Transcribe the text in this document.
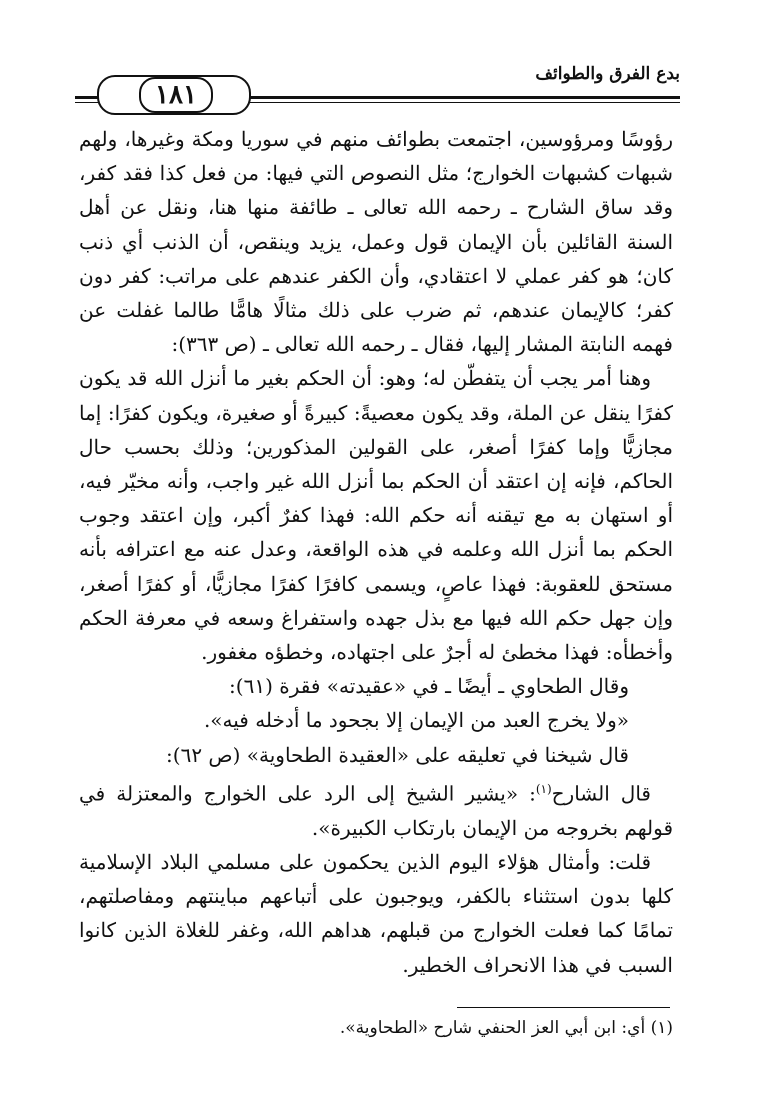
بدع الفرق والطوائف
١٨١

رؤوسًا ومرؤوسين، اجتمعت بطوائف منهم في سوريا ومكة وغيرها، ولهم شبهات كشبهات الخوارج؛ مثل النصوص التي فيها: من فعل كذا فقد كفر، وقد ساق الشارح ـ رحمه الله تعالى ـ طائفة منها هنا، ونقل عن أهل السنة القائلين بأن الإيمان قول وعمل، يزيد وينقص، أن الذنب أي ذنب كان؛ هو كفر عملي لا اعتقادي، وأن الكفر عندهم على مراتب: كفر دون كفر؛ كالإيمان عندهم، ثم ضرب على ذلك مثالًا هامًّا طالما غفلت عن فهمه النابتة المشار إليها، فقال ـ رحمه الله تعالى ـ (ص ٣٦٣):

وهنا أمر يجب أن يتفطّن له؛ وهو: أن الحكم بغير ما أنزل الله قد يكون كفرًا ينقل عن الملة، وقد يكون معصيةً: كبيرةً أو صغيرة، ويكون كفرًا: إما مجازيًّا وإما كفرًا أصغر، على القولين المذكورين؛ وذلك بحسب حال الحاكم، فإنه إن اعتقد أن الحكم بما أنزل الله غير واجب، وأنه مخيّر فيه، أو استهان به مع تيقنه أنه حكم الله: فهذا كفرٌ أكبر، وإن اعتقد وجوب الحكم بما أنزل الله وعلمه في هذه الواقعة، وعدل عنه مع اعترافه بأنه مستحق للعقوبة: فهذا عاصٍ، ويسمى كافرًا كفرًا مجازيًّا، أو كفرًا أصغر، وإن جهل حكم الله فيها مع بذل جهده واستفراغ وسعه في معرفة الحكم وأخطأه: فهذا مخطئ له أجرٌ على اجتهاده، وخطؤه مغفور.

وقال الطحاوي ـ أيضًا ـ في «عقيدته» فقرة (٦١):

«ولا يخرج العبد من الإيمان إلا بجحود ما أدخله فيه».

قال شيخنا في تعليقه على «العقيدة الطحاوية» (ص ٦٢):

قال الشارح$^{(١)}$: «يشير الشيخ إلى الرد على الخوارج والمعتزلة في قولهم بخروجه من الإيمان بارتكاب الكبيرة».

قلت: وأمثال هؤلاء اليوم الذين يحكمون على مسلمي البلاد الإسلامية كلها بدون استثناء بالكفر، ويوجبون على أتباعهم مباينتهم ومفاصلتهم، تمامًا كما فعلت الخوارج من قبلهم، هداهم الله، وغفر للغلاة الذين كانوا السبب في هذا الانحراف الخطير.

(١) أي: ابن أبي العز الحنفي شارح «الطحاوية».
